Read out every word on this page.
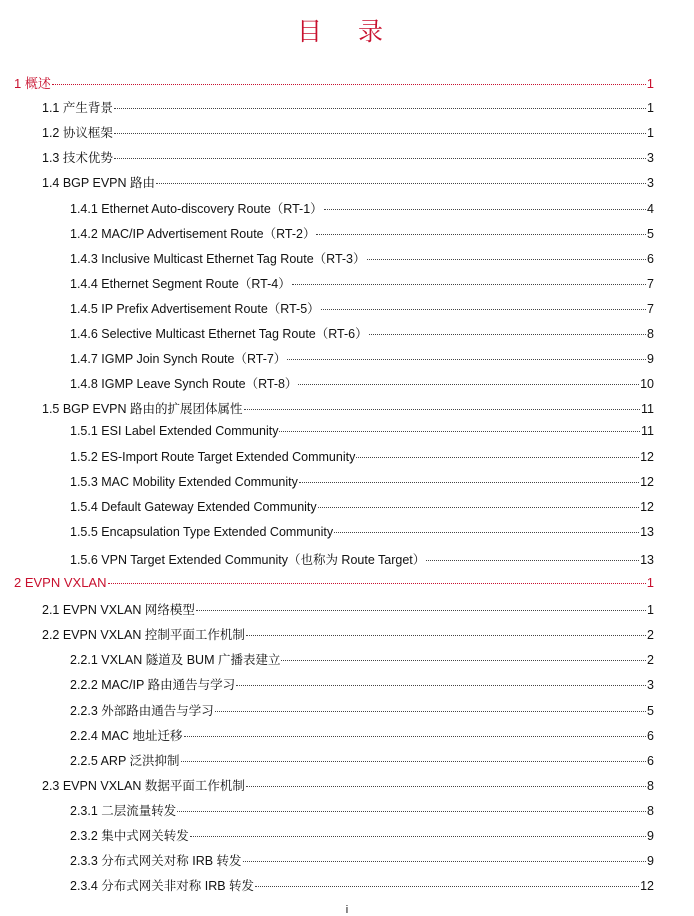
目 录
1 概述	1
1.1 产生背景	1
1.2 协议框架	1
1.3 技术优势	3
1.4 BGP EVPN 路由	3
1.4.1 Ethernet Auto-discovery Route（RT-1）	4
1.4.2 MAC/IP Advertisement Route（RT-2）	5
1.4.3 Inclusive Multicast Ethernet Tag Route（RT-3）	6
1.4.4 Ethernet Segment Route（RT-4）	7
1.4.5 IP Prefix Advertisement Route（RT-5）	7
1.4.6 Selective Multicast Ethernet Tag Route（RT-6）	8
1.4.7 IGMP Join Synch Route（RT-7）	9
1.4.8 IGMP Leave Synch Route（RT-8）	10
1.5 BGP EVPN 路由的扩展团体属性	11
1.5.1 ESI Label Extended Community	11
1.5.2 ES-Import Route Target Extended Community	12
1.5.3 MAC Mobility Extended Community	12
1.5.4 Default Gateway Extended Community	12
1.5.5 Encapsulation Type Extended Community	13
1.5.6 VPN Target Extended Community（也称为 Route Target）	13
2 EVPN VXLAN	1
2.1 EVPN VXLAN 网络模型	1
2.2 EVPN VXLAN 控制平面工作机制	2
2.2.1 VXLAN 隧道及 BUM 广播表建立	2
2.2.2 MAC/IP 路由通告与学习	3
2.2.3 外部路由通告与学习	5
2.2.4 MAC 地址迁移	6
2.2.5 ARP 泛洪抑制	6
2.3 EVPN VXLAN 数据平面工作机制	8
2.3.1 二层流量转发	8
2.3.2 集中式网关转发	9
2.3.3 分布式网关对称 IRB 转发	9
2.3.4 分布式网关非对称 IRB 转发	12
i
